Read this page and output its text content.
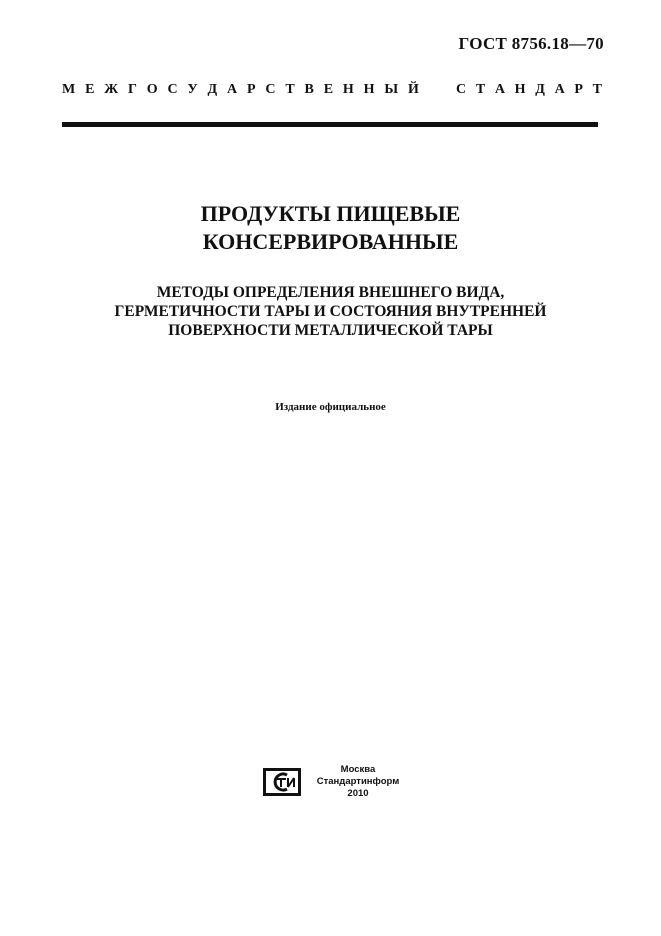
ГОСТ 8756.18—70
М Е Ж Г О С У Д А Р С Т В Е Н Н Ы Й	С Т А Н Д А Р Т
ПРОДУКТЫ ПИЩЕВЫЕ
КОНСЕРВИРОВАННЫЕ
МЕТОДЫ ОПРЕДЕЛЕНИЯ ВНЕШНЕГО ВИДА,
ГЕРМЕТИЧНОСТИ ТАРЫ И СОСТОЯНИЯ ВНУТРЕННЕЙ
ПОВЕРХНОСТИ МЕТАЛЛИЧЕСКОЙ ТАРЫ
Издание официальное
Москва
Стандартинформ
2010
